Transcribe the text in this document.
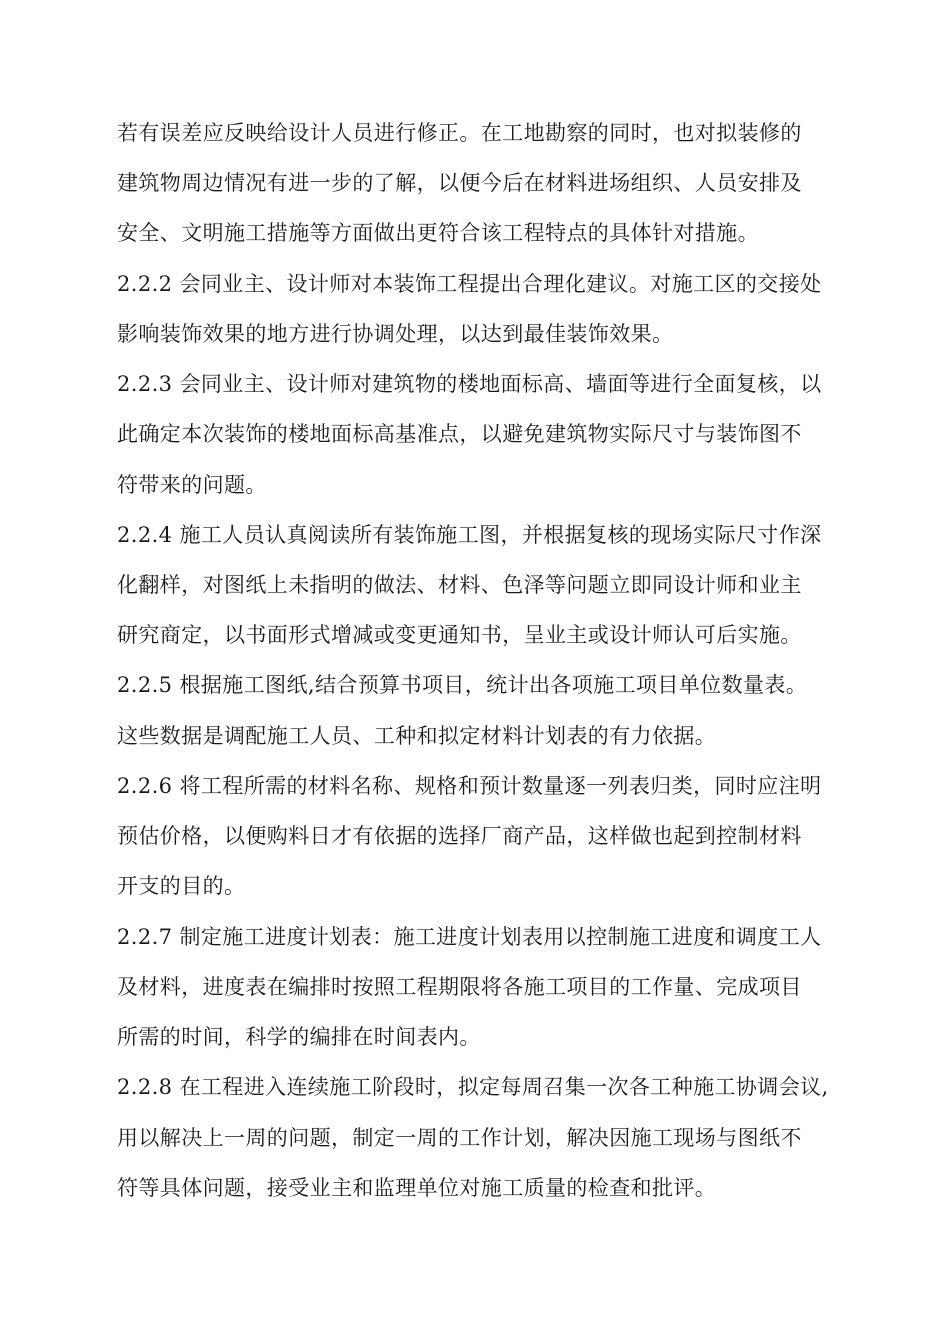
若有误差应反映给设计人员进行修正。在工地勘察的同时，也对拟装修的
建筑物周边情况有进一步的了解，以便今后在材料进场组织、人员安排及
安全、文明施工措施等方面做出更符合该工程特点的具体针对措施。
2.2.2 会同业主、设计师对本装饰工程提出合理化建议。对施工区的交接处
影响装饰效果的地方进行协调处理，以达到最佳装饰效果。
2.2.3 会同业主、设计师对建筑物的楼地面标高、墙面等进行全面复核，以
此确定本次装饰的楼地面标高基准点，以避免建筑物实际尺寸与装饰图不
符带来的问题。
2.2.4 施工人员认真阅读所有装饰施工图，并根据复核的现场实际尺寸作深
化翻样，对图纸上未指明的做法、材料、色泽等问题立即同设计师和业主
研究商定，以书面形式增减或变更通知书，呈业主或设计师认可后实施。
2.2.5 根据施工图纸,结合预算书项目，统计出各项施工项目单位数量表。
这些数据是调配施工人员、工种和拟定材料计划表的有力依据。
2.2.6 将工程所需的材料名称、规格和预计数量逐一列表归类，同时应注明
预估价格，以便购料日才有依据的选择厂商产品，这样做也起到控制材料
开支的目的。
2.2.7 制定施工进度计划表：施工进度计划表用以控制施工进度和调度工人
及材料，进度表在编排时按照工程期限将各施工项目的工作量、完成项目
所需的时间，科学的编排在时间表内。
2.2.8 在工程进入连续施工阶段时，拟定每周召集一次各工种施工协调会议,
用以解决上一周的问题，制定一周的工作计划，解决因施工现场与图纸不
符等具体问题，接受业主和监理单位对施工质量的检查和批评。
